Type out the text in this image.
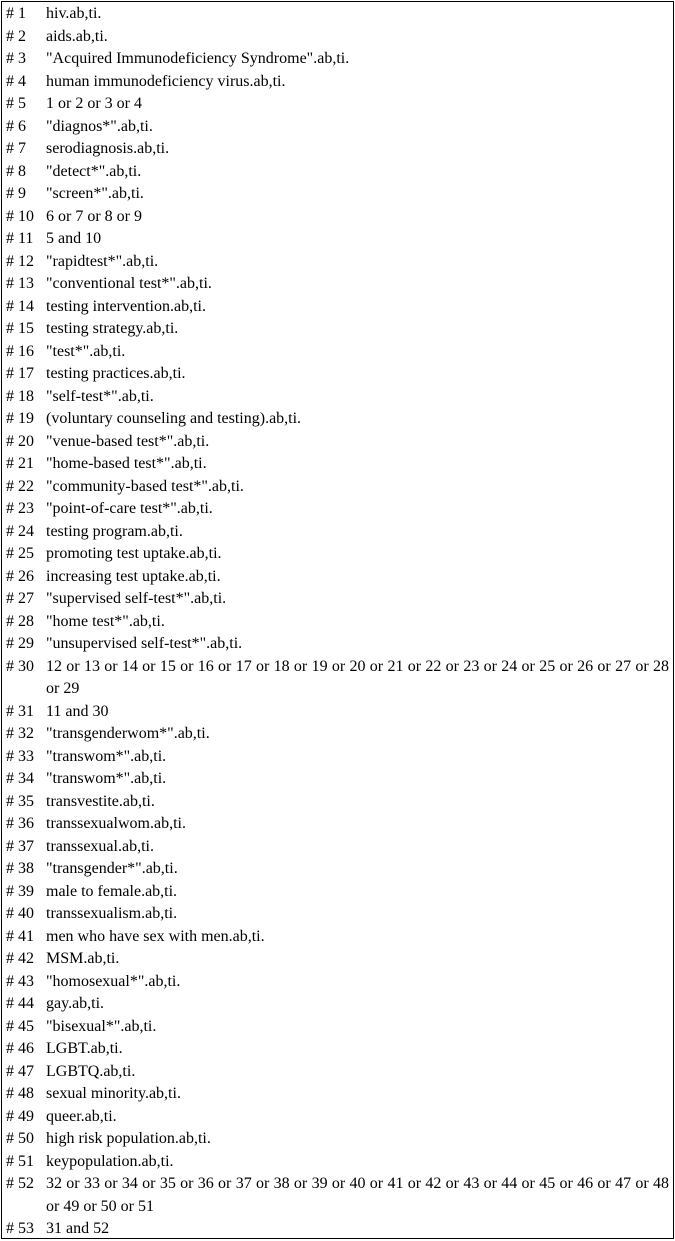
# 1	hiv.ab,ti.
# 2	aids.ab,ti.
# 3	"Acquired Immunodeficiency Syndrome".ab,ti.
# 4	human immunodeficiency virus.ab,ti.
# 5	1 or 2 or 3 or 4
# 6	"diagnos*".ab,ti.
# 7	serodiagnosis.ab,ti.
# 8	"detect*".ab,ti.
# 9	"screen*".ab,ti.
# 10 6 or 7 or 8 or 9
# 11 5 and 10
# 12 "rapidtest*".ab,ti.
# 13 "conventional test*".ab,ti.
# 14 testing intervention.ab,ti.
# 15 testing strategy.ab,ti.
# 16 "test*".ab,ti.
# 17 testing practices.ab,ti.
# 18 "self-test*".ab,ti.
# 19 (voluntary counseling and testing).ab,ti.
# 20 "venue-based test*".ab,ti.
# 21 "home-based test*".ab,ti.
# 22 "community-based test*".ab,ti.
# 23 "point-of-care test*".ab,ti.
# 24 testing program.ab,ti.
# 25 promoting test uptake.ab,ti.
# 26 increasing test uptake.ab,ti.
# 27 "supervised self-test*".ab,ti.
# 28 "home test*".ab,ti.
# 29 "unsupervised self-test*".ab,ti.
# 30 12 or 13 or 14 or 15 or 16 or 17 or 18 or 19 or 20 or 21 or 22 or 23 or 24 or 25 or 26 or 27 or 28 or 29
# 31 11 and 30
# 32 "transgenderwom*".ab,ti.
# 33 "transwom*".ab,ti.
# 34 "transwom*".ab,ti.
# 35 transvestite.ab,ti.
# 36 transsexualwom.ab,ti.
# 37 transsexual.ab,ti.
# 38 "transgender*".ab,ti.
# 39 male to female.ab,ti.
# 40 transsexualism.ab,ti.
# 41 men who have sex with men.ab,ti.
# 42 MSM.ab,ti.
# 43 "homosexual*".ab,ti.
# 44 gay.ab,ti.
# 45 "bisexual*".ab,ti.
# 46 LGBT.ab,ti.
# 47 LGBTQ.ab,ti.
# 48 sexual minority.ab,ti.
# 49 queer.ab,ti.
# 50 high risk population.ab,ti.
# 51 keypopulation.ab,ti.
# 52 32 or 33 or 34 or 35 or 36 or 37 or 38 or 39 or 40 or 41 or 42 or 43 or 44 or 45 or 46 or 47 or 48 or 49 or 50 or 51
# 53 31 and 52
